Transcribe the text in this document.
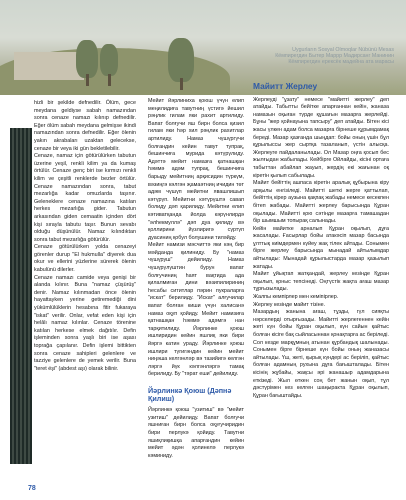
Uygurların Sosyal Olmoqlar Nübünü Mesas
Кёмпиреrдин Бытер Маррр Мадирсанг Манинин
Кёмпиреrдин ерексёк мадейна ата марасы

hizli bir şekilde defnedilir. Ölüm, gece meydana geldiyse sabah namazından sonra cenaze namazı kılınıp defnedilir. Eğer ölüm sabah meydana gelmişse ikindi namazından sonra defnedilir. Eğer ölenin yakın akrabaları uzaktan gelecekse, cenaze bir veya iki gün bekletilebilir.

Cenaze, namaz için götürülürken tabutun üzerine yeşil, renkli kilim ya da kumaş örtülür. Cenaze genç biri ise kırmızı renkli kilim ve çeşitli renklerde bezler örtülür. Cenaze namazından sonra, tabut mezarlığa kadar omuzlarda taşınır. Geleneklere cenaze namazına katılan herkes mezarlığa gider. Tabutun arkasından giden cemaatin içinden dört kişi sırayla tabutu taşır. Bunun sevabı olduğu düşünülür. Namaz kılındıktan sonra tabut mezarlığa götürülür.

Cenaze götürülürken yolda cenazeyi görenler durup "El hukmulla" diyerek dua okur ve ellerini yüzlerine sürerek ölenin kabulünü dilerler.

Cenaze namazı camide veya genişi bir alanda kılınır. Buna "namaz çüşürüş" denir. Namaz kılınmadan önce ölenin hayattayken yerine getiremediği dini yükümlülüklerin hesabına fitir fukaraya "iskat" verilir. Onlar, vefat eden kişi için helâlı namaz kılınlar. Cenaze törenine katılan herkese elmek dağıtılır. Defin işleminden sonra yaşlı biri ise aşası toprağa çapılanır. Defin işlemi bittikten sonra cenaze sahipleri gelenlere ve tazziye gelenlere de yemek verilir. Buna "teret éşi" (abdest aşı) olarak bilinir.

Мейит йәрлиниха қоюш үчүн елип меңилидиға тавутниң үстигә йешил рәңлик гилам яки рахит артилиду. Вапат болғучи яш бирн болса қизил гилам яки һәр хил рәңлик рахитлар артилиду. Намаз чүшүргүчи болғандин кейин тавут тупрақ, бешинчиға мурида кәтүрүлиду. Адәттә мейит намазға қатнашқан һәммә адәм тупрақ, бешинчиға барыду мейитниң арқисидин түркүм, вәзиңгә кәлгән җамаәтниң ичидин төт адәм чүшүп мейитни явашлишып кәтүрүп. Мейитни кәтүрүштә савап болиду дәп қарилиду. Мейитни елип кәтиватқанда йолда кәрүнлирдә "әлһекмуллә" дәп дуа қилиду вә қоллирини йүзлиригә сүртүп дуасиниң қобул болушини тиләйду.

Мейит намизи мәсчиттә яки кәң бир мәйданда қилиниду. Бу "намаз чүшүруш" дейилиду. Намаз чүшүрүлүштин бурун вапат болғучиниң һаят вақтида ада қилалмиған дини вәзипилириниң һесабы сититлар пәрин пукраларға "искат" берилиду. "Искат" алғучилар вапат болған киши үчүн халисанә намаз оқуп қойиду. Мейит намизиға қатнашқан һәммә адәмгә нан тарқитилиду. Йәрлинке қоюш ишлиридин кейин яшлиқ яки бири йәргә катин ураду. Йәрлинке қоюш ишлири түгигәндин кейин мейит ниңәша келгәнләр вә тазийигә келгән ләргә йүк кәлгәнләргә тамақ берилиду. Бу "тәрат еши" дейилиду.

Йәрлинкә Қоюш (Дәпнә Қилиш)

Йәрлинкә қоюш "узитиш" вә "мейит узитиш" дейилиду. Вапат болғучи яшниған бирн болса оқуғучиридин бири перлукә қойиду. Тавутни яшиқлиқишқа апарғандин кейин мейит әдән қолинелә перлукә кәминиду.

Майитт Жерлеу

Жерлеуді "ұзату" немесе "майитті жерлеу" деп атайды. Табытты бейітке апарғаннан кейін, жаназа намазын оқыған түрде құшағын мазарға жерлейді. Бұны "жер қойнауына тапсыру" деп атайды. Бітен кісі жасы үлкен адам болса мазарға бірнеше құрымдамақ береді. Мазар қазғанда шыңдап: бойы оның үшін бұл құрылыссы жер сыртқа тазаланып, үстін алысқа. Жерлеуге пайдаланылады. Ол Мазар оңға қосып бес жылғыдан жабылады. Кейбірге Ойлайды, кісіні ортаға табыттан абайлап жауып, жердің екі жағынан оқ кіретін қылып сабылады.

Майит бейіттің ашпаса кіретін аралық құбырына кіру арқылы енгізіледі. Майитті шеткі жерге қаттылап, бейіттің кірер аузына қақпақ жабады немесе кесекпен бітеп жабады. Майитті жерлеу барысында Құран оқылады. Майитті қою сәтінде мазарға тамашадан бір шымшым топырақ салынады.

Кейін майитке арналып Құран оқылып, дұға жасалады. Ғасырлар бойы атакәсіп мазар басында ұлттық киімдермен күйеу жақ тілек айтады. Сонымен бірге жерлеу барысында мынадай айтылымдар айтылады: Мынадай құрылыстарда мазар қазылып жатады.

Майит ұйықтап жатқандай, жерлеу кезінде Құран оқылып, қоныс тепсінеді. Оңтүстік жақта ағаш мазар тұрғызылады.

Жалпы кемпірлер мен кеміпірлер.

Жерлеу кезінде майит тізіне.

Мазардың жанына ағаш, тұзды, гүл сияқты нәрселерді отырғызады. Майитті жерлегеннен кейін жеті күн бойы Құран оқылып, күн сайын қайтыс болған кісіге бақ сыйласыннан қонақтарға ас беріледі. Сол кезде марқұмның атынан құрбандық шалынады. Сонымен бірге бірнеше күн бойы оның жаназасы айтылады. Үш, жеті, қырық күндері ас беріліп, қайтыс болған адамның рухына дұға бағышталады. Бітен кісінің жұбайы, жақсы әрі жанашыр адамдарына еткізеді. Жыл өткен соң бет жанын оқып, тұл дәстүрімен кез келген шаңыракта Құран оқылып, Құран бағыштайды.

78
